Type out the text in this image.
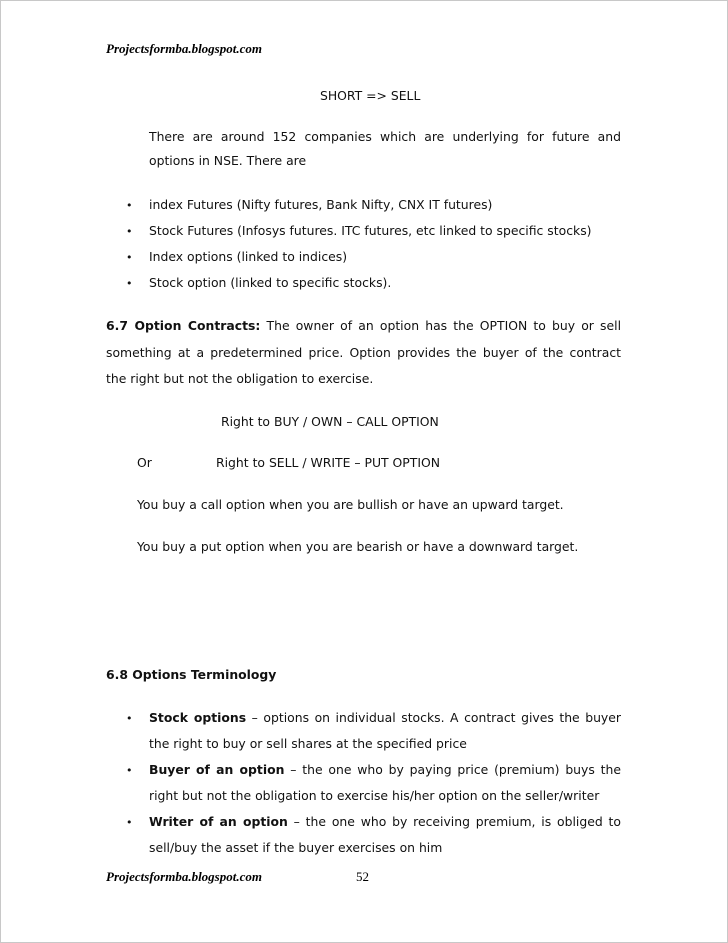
Projectsformba.blogspot.com
SHORT => SELL
There are around 152 companies which are underlying for future and
options in NSE. There are
• index Futures (Nifty futures, Bank Nifty, CNX IT futures)
• Stock Futures (Infosys futures. ITC futures, etc linked to specific stocks)
• Index options (linked to indices)
• Stock option (linked to specific stocks).
6.7 Option Contracts: The owner of an option has the OPTION to buy or sell
something at a predetermined price. Option provides the buyer of the contract
the right but not the obligation to exercise.
Right to BUY / OWN – CALL OPTION
Or	Right to SELL / WRITE – PUT OPTION
You buy a call option when you are bullish or have an upward target.
You buy a put option when you are bearish or have a downward target.
6.8 Options Terminology
• Stock options – options on individual stocks. A contract gives the buyer
the right to buy or sell shares at the specified price
• Buyer of an option – the one who by paying price (premium) buys the
right but not the obligation to exercise his/her option on the seller/writer
• Writer of an option – the one who by receiving premium, is obliged to
sell/buy the asset if the buyer exercises on him
Projectsformba.blogspot.com	52
